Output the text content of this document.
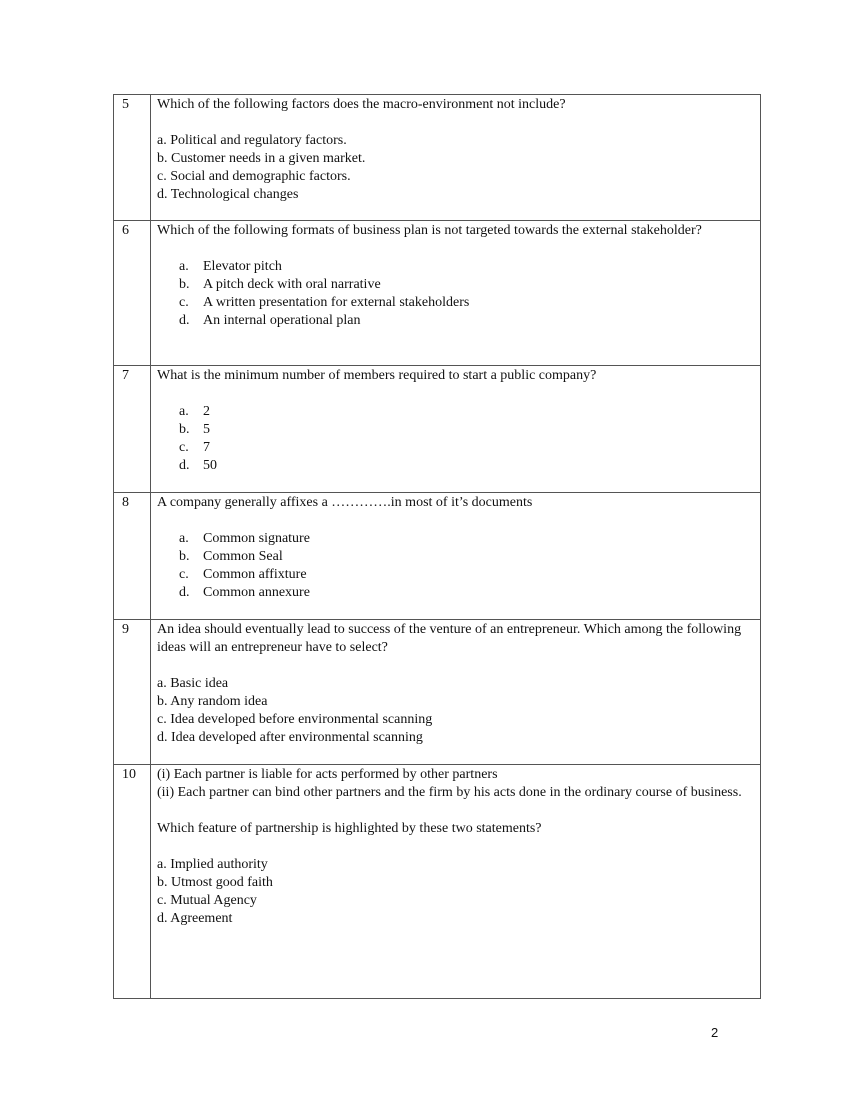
5	Which of the following factors does the macro-environment not include?

a. Political and regulatory factors.

b. Customer needs in a given market.

c. Social and demographic factors.

d. Technological changes

6	Which of the following formats of business plan is not targeted towards the external stakeholder?

a.	Elevator pitch
b. A pitch deck with oral narrative
c.	A written presentation for external stakeholders
d. An internal operational plan

7	What is the minimum number of members required to start a public company?

a.	2
b. 5
c.	7
d. 50

8	A company generally affixes a ………….in most of it’s documents

a.	Common signature
b. Common Seal
c.	Common affixture
d. Common annexure

9	An idea should eventually lead to success of the venture of an entrepreneur. Which among the following ideas will an entrepreneur have to select?

a. Basic idea

b. Any random idea

c. Idea developed before environmental scanning

d. Idea developed after environmental scanning

10	(i) Each partner is liable for acts performed by other partners

(ii) Each partner can bind other partners and the firm by his acts done in the ordinary course of business.

Which feature of partnership is highlighted by these two statements?

a. Implied authority

b. Utmost good faith

c. Mutual Agency

d. Agreement

2
